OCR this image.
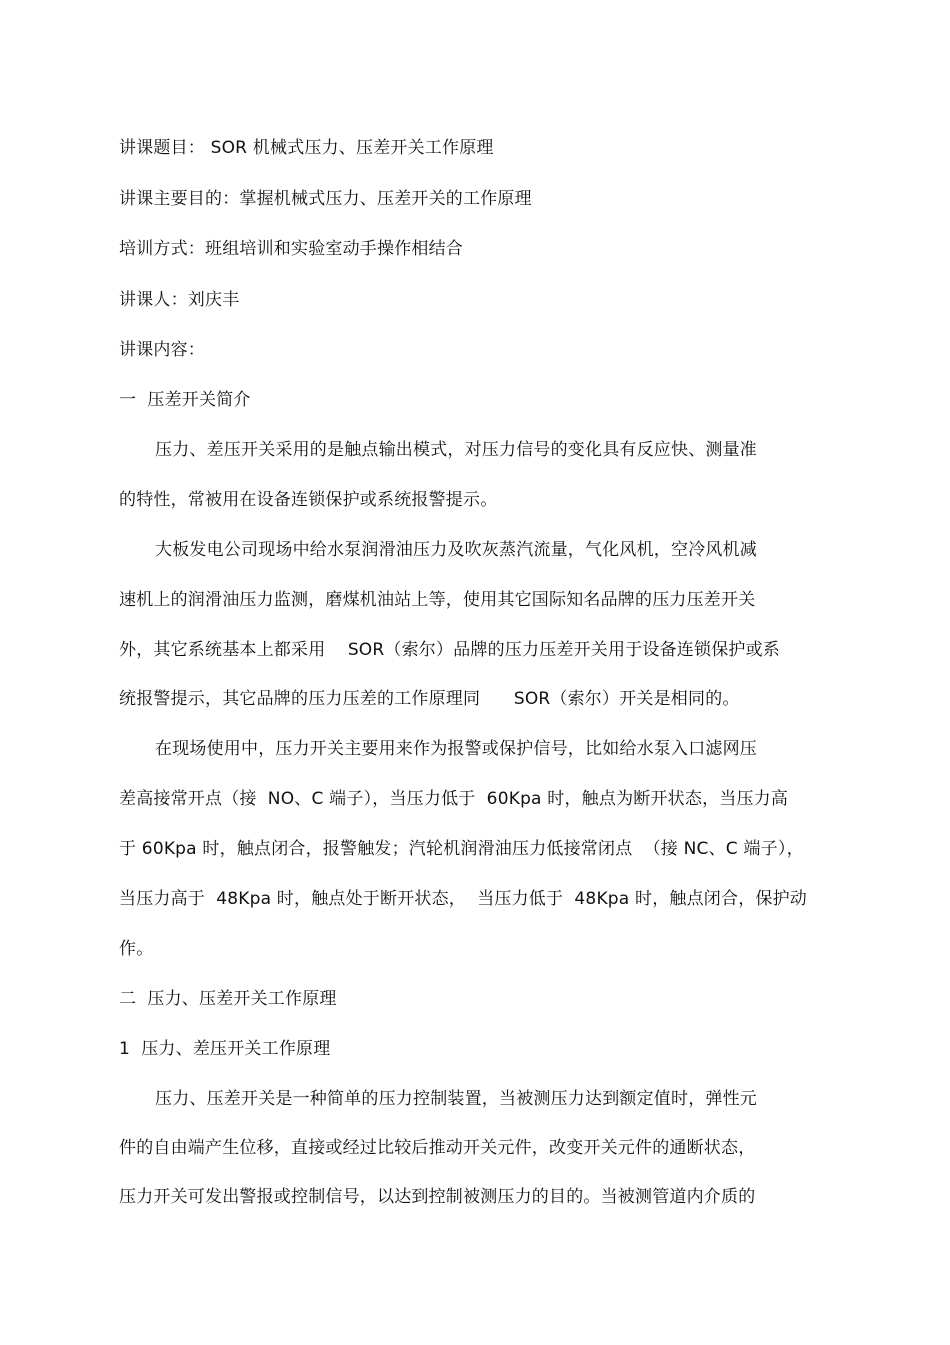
讲课题目： SOR 机械式压力、压差开关工作原理
讲课主要目的：掌握机械式压力、压差开关的工作原理
培训方式：班组培训和实验室动手操作相结合
讲课人：刘庆丰
讲课内容：
一  压差开关简介
压力、差压开关采用的是触点输出模式，对压力信号的变化具有反应快、测量准
的特性，常被用在设备连锁保护或系统报警提示。
大板发电公司现场中给水泵润滑油压力及吹灰蒸汽流量，气化风机，空冷风机减
速机上的润滑油压力监测，磨煤机油站上等，使用其它国际知名品牌的压力压差开关
外，其它系统基本上都采用    SOR（索尔）品牌的压力压差开关用于设备连锁保护或系
统报警提示，其它品牌的压力压差的工作原理同      SOR（索尔）开关是相同的。
在现场使用中，压力开关主要用来作为报警或保护信号，比如给水泵入口滤网压
差高接常开点（接  NO、C 端子），当压力低于  60Kpa 时，触点为断开状态，当压力高
于 60Kpa 时，触点闭合，报警触发；汽轮机润滑油压力低接常闭点  （接 NC、C 端子），
当压力高于  48Kpa 时，触点处于断开状态，  当压力低于  48Kpa 时，触点闭合，保护动
作。
二  压力、压差开关工作原理
1  压力、差压开关工作原理
压力、压差开关是一种简单的压力控制装置，当被测压力达到额定值时，弹性元
件的自由端产生位移，直接或经过比较后推动开关元件，改变开关元件的通断状态，
压力开关可发出警报或控制信号，以达到控制被测压力的目的。当被测管道内介质的
